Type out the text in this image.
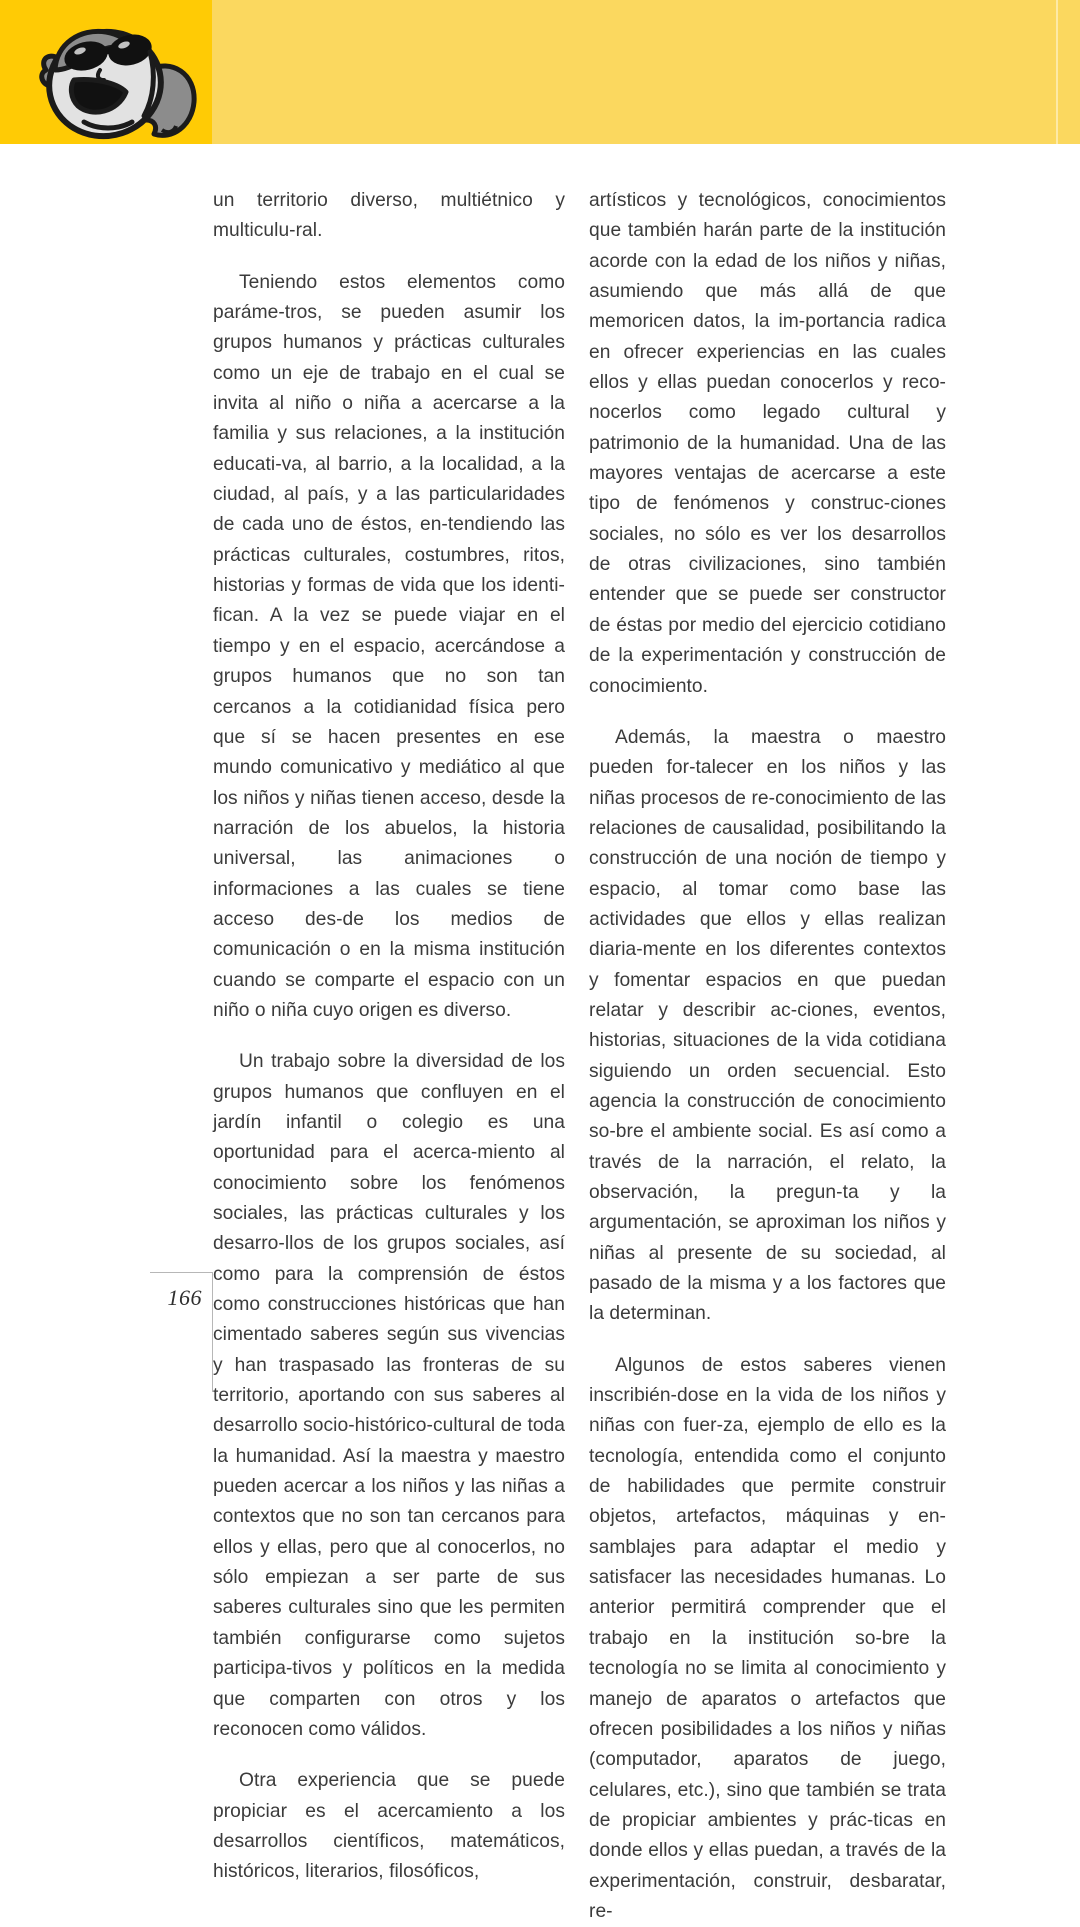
un territorio diverso, multiétnico y multiculu-ral.

Teniendo estos elementos como paráme-tros, se pueden asumir los grupos humanos y prácticas culturales como un eje de trabajo en el cual se invita al niño o niña a acercarse a la familia y sus relaciones, a la institución educati-va, al barrio, a la localidad, a la ciudad, al país, y a las particularidades de cada uno de éstos, en-tendiendo las prácticas culturales, costumbres, ritos, historias y formas de vida que los identi-fican. A la vez se puede viajar en el tiempo y en el espacio, acercándose a grupos humanos que no son tan cercanos a la cotidianidad física pero que sí se hacen presentes en ese mundo comunicativo y mediático al que los niños y niñas tienen acceso, desde la narración de los abuelos, la historia universal, las animaciones o informaciones a las cuales se tiene acceso des-de los medios de comunicación o en la misma institución cuando se comparte el espacio con un niño o niña cuyo origen es diverso.

Un trabajo sobre la diversidad de los grupos humanos que confluyen en el jardín infantil o colegio es una oportunidad para el acerca-miento al conocimiento sobre los fenómenos sociales, las prácticas culturales y los desarro-llos de los grupos sociales, así como para la comprensión de éstos como construcciones históricas que han cimentado saberes según sus vivencias y han traspasado las fronteras de su territorio, aportando con sus saberes al desarrollo socio-histórico-cultural de toda la humanidad. Así la maestra y maestro pueden acercar a los niños y las niñas a contextos que no son tan cercanos para ellos y ellas, pero que al conocerlos, no sólo empiezan a ser parte de sus saberes culturales sino que les permiten también configurarse como sujetos participa-tivos y políticos en la medida que comparten con otros y los reconocen como válidos.

Otra experiencia que se puede propiciar es el acercamiento a los desarrollos científicos, matemáticos, históricos, literarios, filosóficos,

artísticos y tecnológicos, conocimientos que también harán parte de la institución acorde con la edad de los niños y niñas, asumiendo que más allá de que memoricen datos, la im-portancia radica en ofrecer experiencias en las cuales ellos y ellas puedan conocerlos y reco-nocerlos como legado cultural y patrimonio de la humanidad. Una de las mayores ventajas de acercarse a este tipo de fenómenos y construc-ciones sociales, no sólo es ver los desarrollos de otras civilizaciones, sino también entender que se puede ser constructor de éstas por medio del ejercicio cotidiano de la experimentación y construcción de conocimiento.

Además, la maestra o maestro pueden for-talecer en los niños y las niñas procesos de re-conocimiento de las relaciones de causalidad, posibilitando la construcción de una noción de tiempo y espacio, al tomar como base las actividades que ellos y ellas realizan diaria-mente en los diferentes contextos y fomentar espacios en que puedan relatar y describir ac-ciones, eventos, historias, situaciones de la vida cotidiana siguiendo un orden secuencial. Esto agencia la construcción de conocimiento so-bre el ambiente social. Es así como a través de la narración, el relato, la observación, la pregun-ta y la argumentación, se aproximan los niños y niñas al presente de su sociedad, al pasado de la misma y a los factores que la determinan.

Algunos de estos saberes vienen inscribién-dose en la vida de los niños y niñas con fuer-za, ejemplo de ello es la tecnología, entendida como el conjunto de habilidades que permite construir objetos, artefactos, máquinas y en-samblajes para adaptar el medio y satisfacer las necesidades humanas. Lo anterior permitirá comprender que el trabajo en la institución so-bre la tecnología no se limita al conocimiento y manejo de aparatos o artefactos que ofrecen posibilidades a los niños y niñas (computador, aparatos de juego, celulares, etc.), sino que también se trata de propiciar ambientes y prác-ticas en donde ellos y ellas puedan, a través de la experimentación, construir, desbaratar, re-

166
